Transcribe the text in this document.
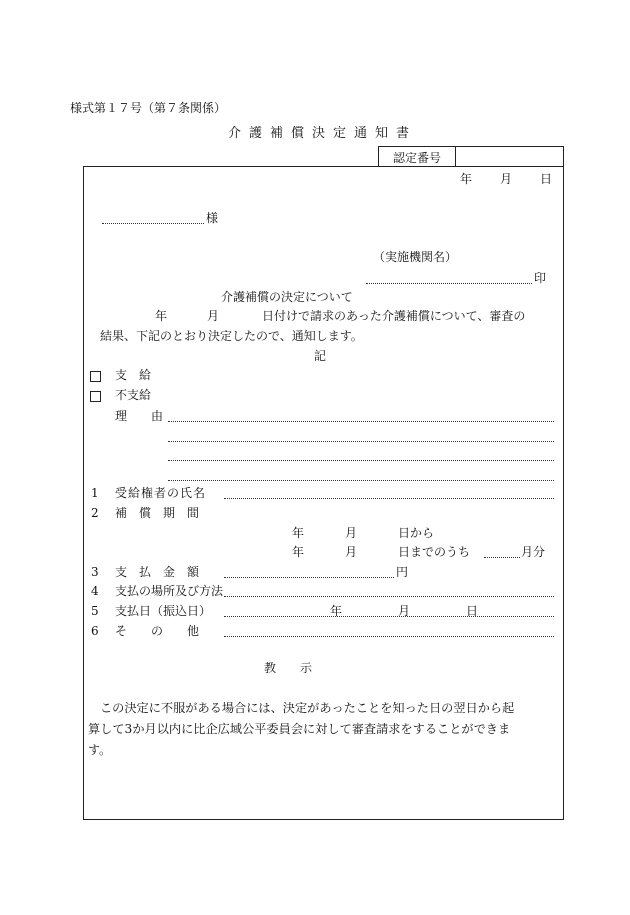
様式第１７号（第７条関係）
介護補償決定通知書
認定番号
年 月 日
様
（実施機関名）
印
介護補償の決定について
年	月	日付けで請求のあった介護補償について、審査の
結果、下記のとおり決定したので、通知します。
記
支　給
不支給
理　　由
1 受給権者の氏名
2 補　償　期　間
年	月	日から
年	月	日までのうち	月分
3 支　払　金　額	円
4 支払の場所及び方法
5 支払日（振込日）	年	月	日
6 そ　　の　　他
教　　示
この決定に不服がある場合には、決定があったことを知った日の翌日から起
算して3か月以内に比企広域公平委員会に対して審査請求をすることができま
す。
